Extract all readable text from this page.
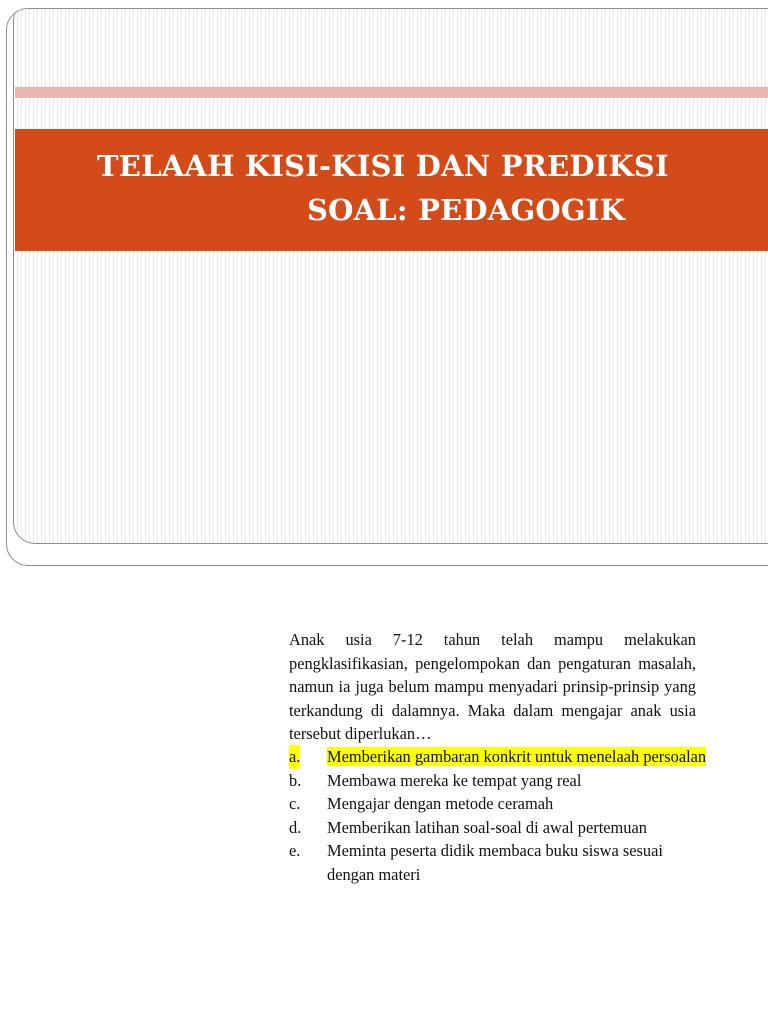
TELAAH KISI-KISI DAN PREDIKSI
SOAL: PEDAGOGIK

Anak usia 7-12 tahun telah mampu melakukan pengklasifikasian, pengelompokan dan pengaturan masalah, namun ia juga belum mampu menyadari prinsip-prinsip yang terkandung di dalamnya. Maka dalam mengajar anak usia tersebut diperlukan…

a. Memberikan gambaran konkrit untuk menelaah persoalan
b. Membawa mereka ke tempat yang real
c. Mengajar dengan metode ceramah
d. Memberikan latihan soal-soal di awal pertemuan
e. Meminta peserta didik membaca buku siswa sesuai dengan materi
